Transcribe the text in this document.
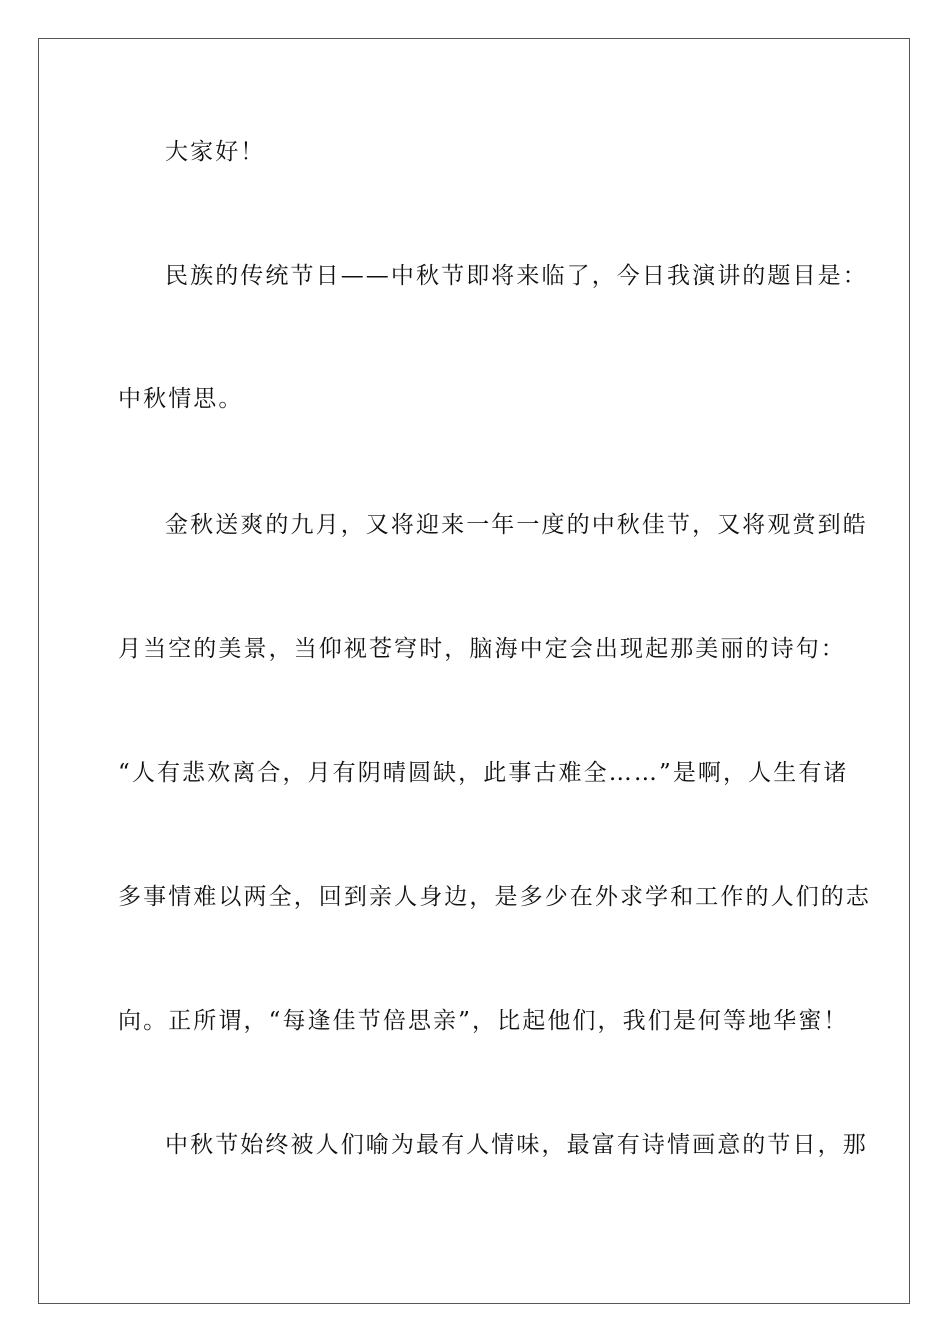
大家好！
民族的传统节日——中秋节即将来临了，今日我演讲的题目是：
中秋情思。
金秋送爽的九月，又将迎来一年一度的中秋佳节，又将观赏到皓
月当空的美景，当仰视苍穹时，脑海中定会出现起那美丽的诗句：
“人有悲欢离合，月有阴晴圆缺，此事古难全……”是啊，人生有诸
多事情难以两全，回到亲人身边，是多少在外求学和工作的人们的志
向。正所谓，“每逢佳节倍思亲”，比起他们，我们是何等地华蜜！
中秋节始终被人们喻为最有人情味，最富有诗情画意的节日，那
